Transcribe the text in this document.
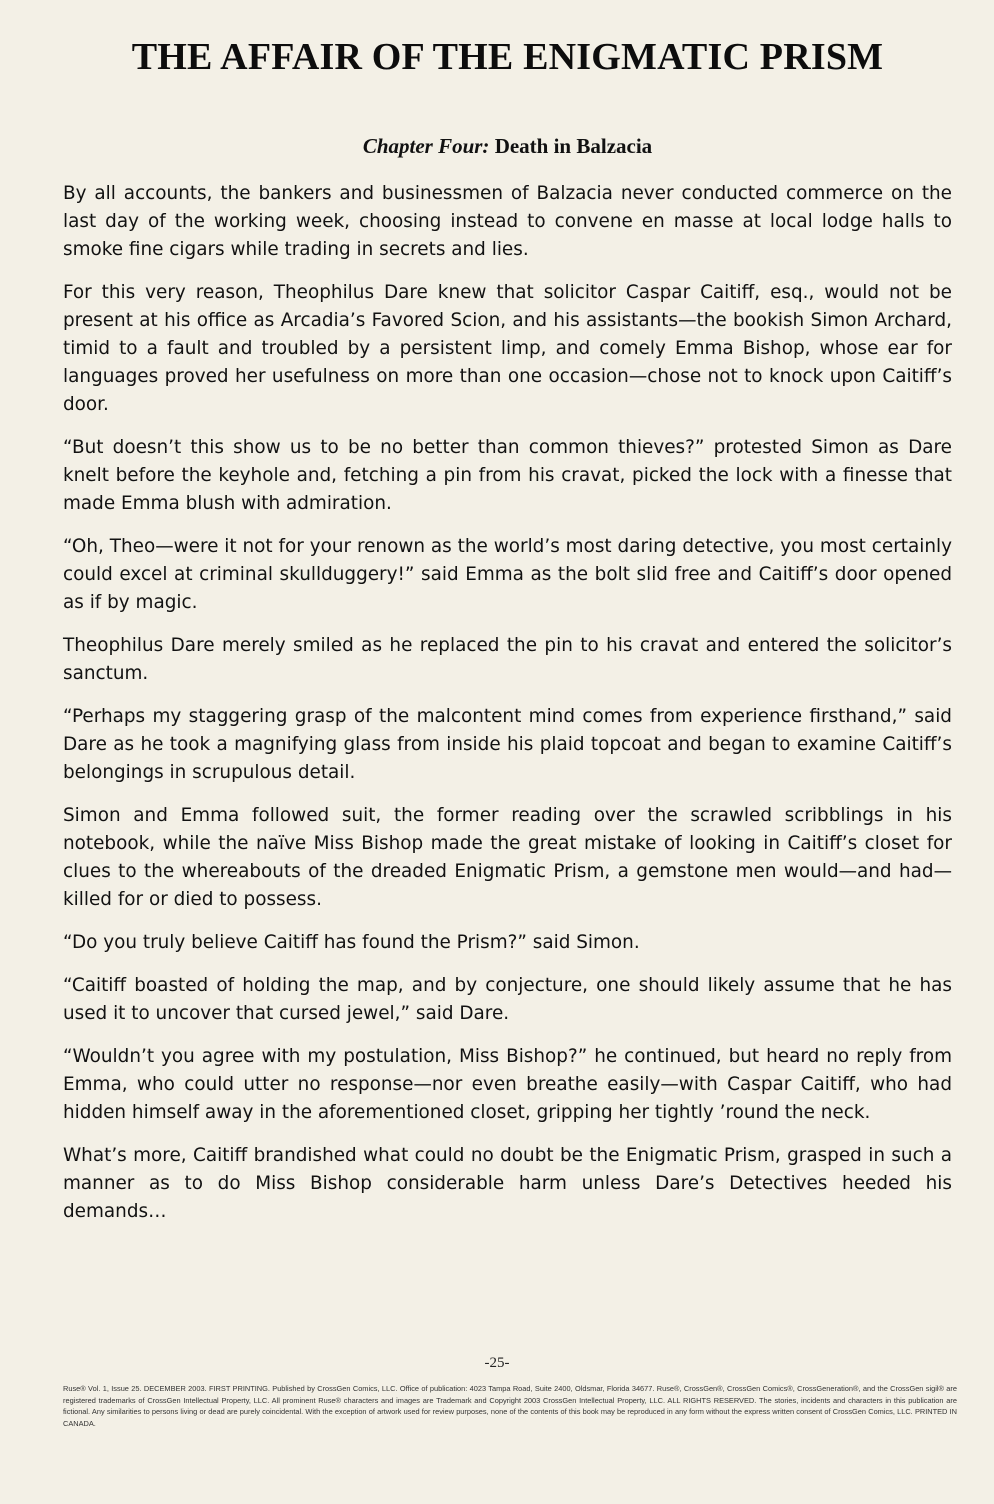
THE AFFAIR OF THE ENIGMATIC PRISM
Chapter Four: Death in Balzacia

By all accounts, the bankers and businessmen of Balzacia never conducted commerce on the last day of the working week, choosing instead to convene en masse at local lodge halls to smoke fine cigars while trading in secrets and lies.

For this very reason, Theophilus Dare knew that solicitor Caspar Caitiff, esq., would not be present at his office as Arcadia’s Favored Scion, and his assistants—the bookish Simon Archard, timid to a fault and troubled by a persistent limp, and comely Emma Bishop, whose ear for languages proved her usefulness on more than one occasion—chose not to knock upon Caitiff’s door.

“But doesn’t this show us to be no better than common thieves?” protested Simon as Dare knelt before the keyhole and, fetching a pin from his cravat, picked the lock with a finesse that made Emma blush with admiration.

“Oh, Theo—were it not for your renown as the world’s most daring detective, you most certainly could excel at criminal skullduggery!” said Emma as the bolt slid free and Caitiff’s door opened as if by magic.

Theophilus Dare merely smiled as he replaced the pin to his cravat and entered the solicitor’s sanctum.

“Perhaps my staggering grasp of the malcontent mind comes from experience firsthand,” said Dare as he took a magnifying glass from inside his plaid topcoat and began to examine Caitiff’s belongings in scrupulous detail.

Simon and Emma followed suit, the former reading over the scrawled scribblings in his notebook, while the naïve Miss Bishop made the great mistake of looking in Caitiff’s closet for clues to the whereabouts of the dreaded Enigmatic Prism, a gemstone men would—and had—killed for or died to possess.

“Do you truly believe Caitiff has found the Prism?” said Simon.

“Caitiff boasted of holding the map, and by conjecture, one should likely assume that he has used it to uncover that cursed jewel,” said Dare.

“Wouldn’t you agree with my postulation, Miss Bishop?” he continued, but heard no reply from Emma, who could utter no response—nor even breathe easily—with Caspar Caitiff, who had hidden himself away in the aforementioned closet, gripping her tightly ’round the neck.

What’s more, Caitiff brandished what could no doubt be the Enigmatic Prism, grasped in such a manner as to do Miss Bishop considerable harm unless Dare’s Detectives heeded his demands…

-25-
Ruse® Vol. 1, Issue 25. DECEMBER 2003. FIRST PRINTING. Published by CrossGen Comics, LLC. Office of publication: 4023 Tampa Road, Suite 2400, Oldsmar, Florida 34677. Ruse®, CrossGen®, CrossGen Comics®, CrossGeneration®, and the CrossGen sigil® are registered trademarks of CrossGen Intellectual Property, LLC. All prominent Ruse® characters and images are Trademark and Copyright 2003 CrossGen Intellectual Property, LLC. ALL RIGHTS RESERVED. The stories, incidents and characters in this publication are fictional. Any similarities to persons living or dead are purely coincidental. With the exception of artwork used for review purposes, none of the contents of this book may be reproduced in any form without the express written consent of CrossGen Comics, LLC. PRINTED IN CANADA.
